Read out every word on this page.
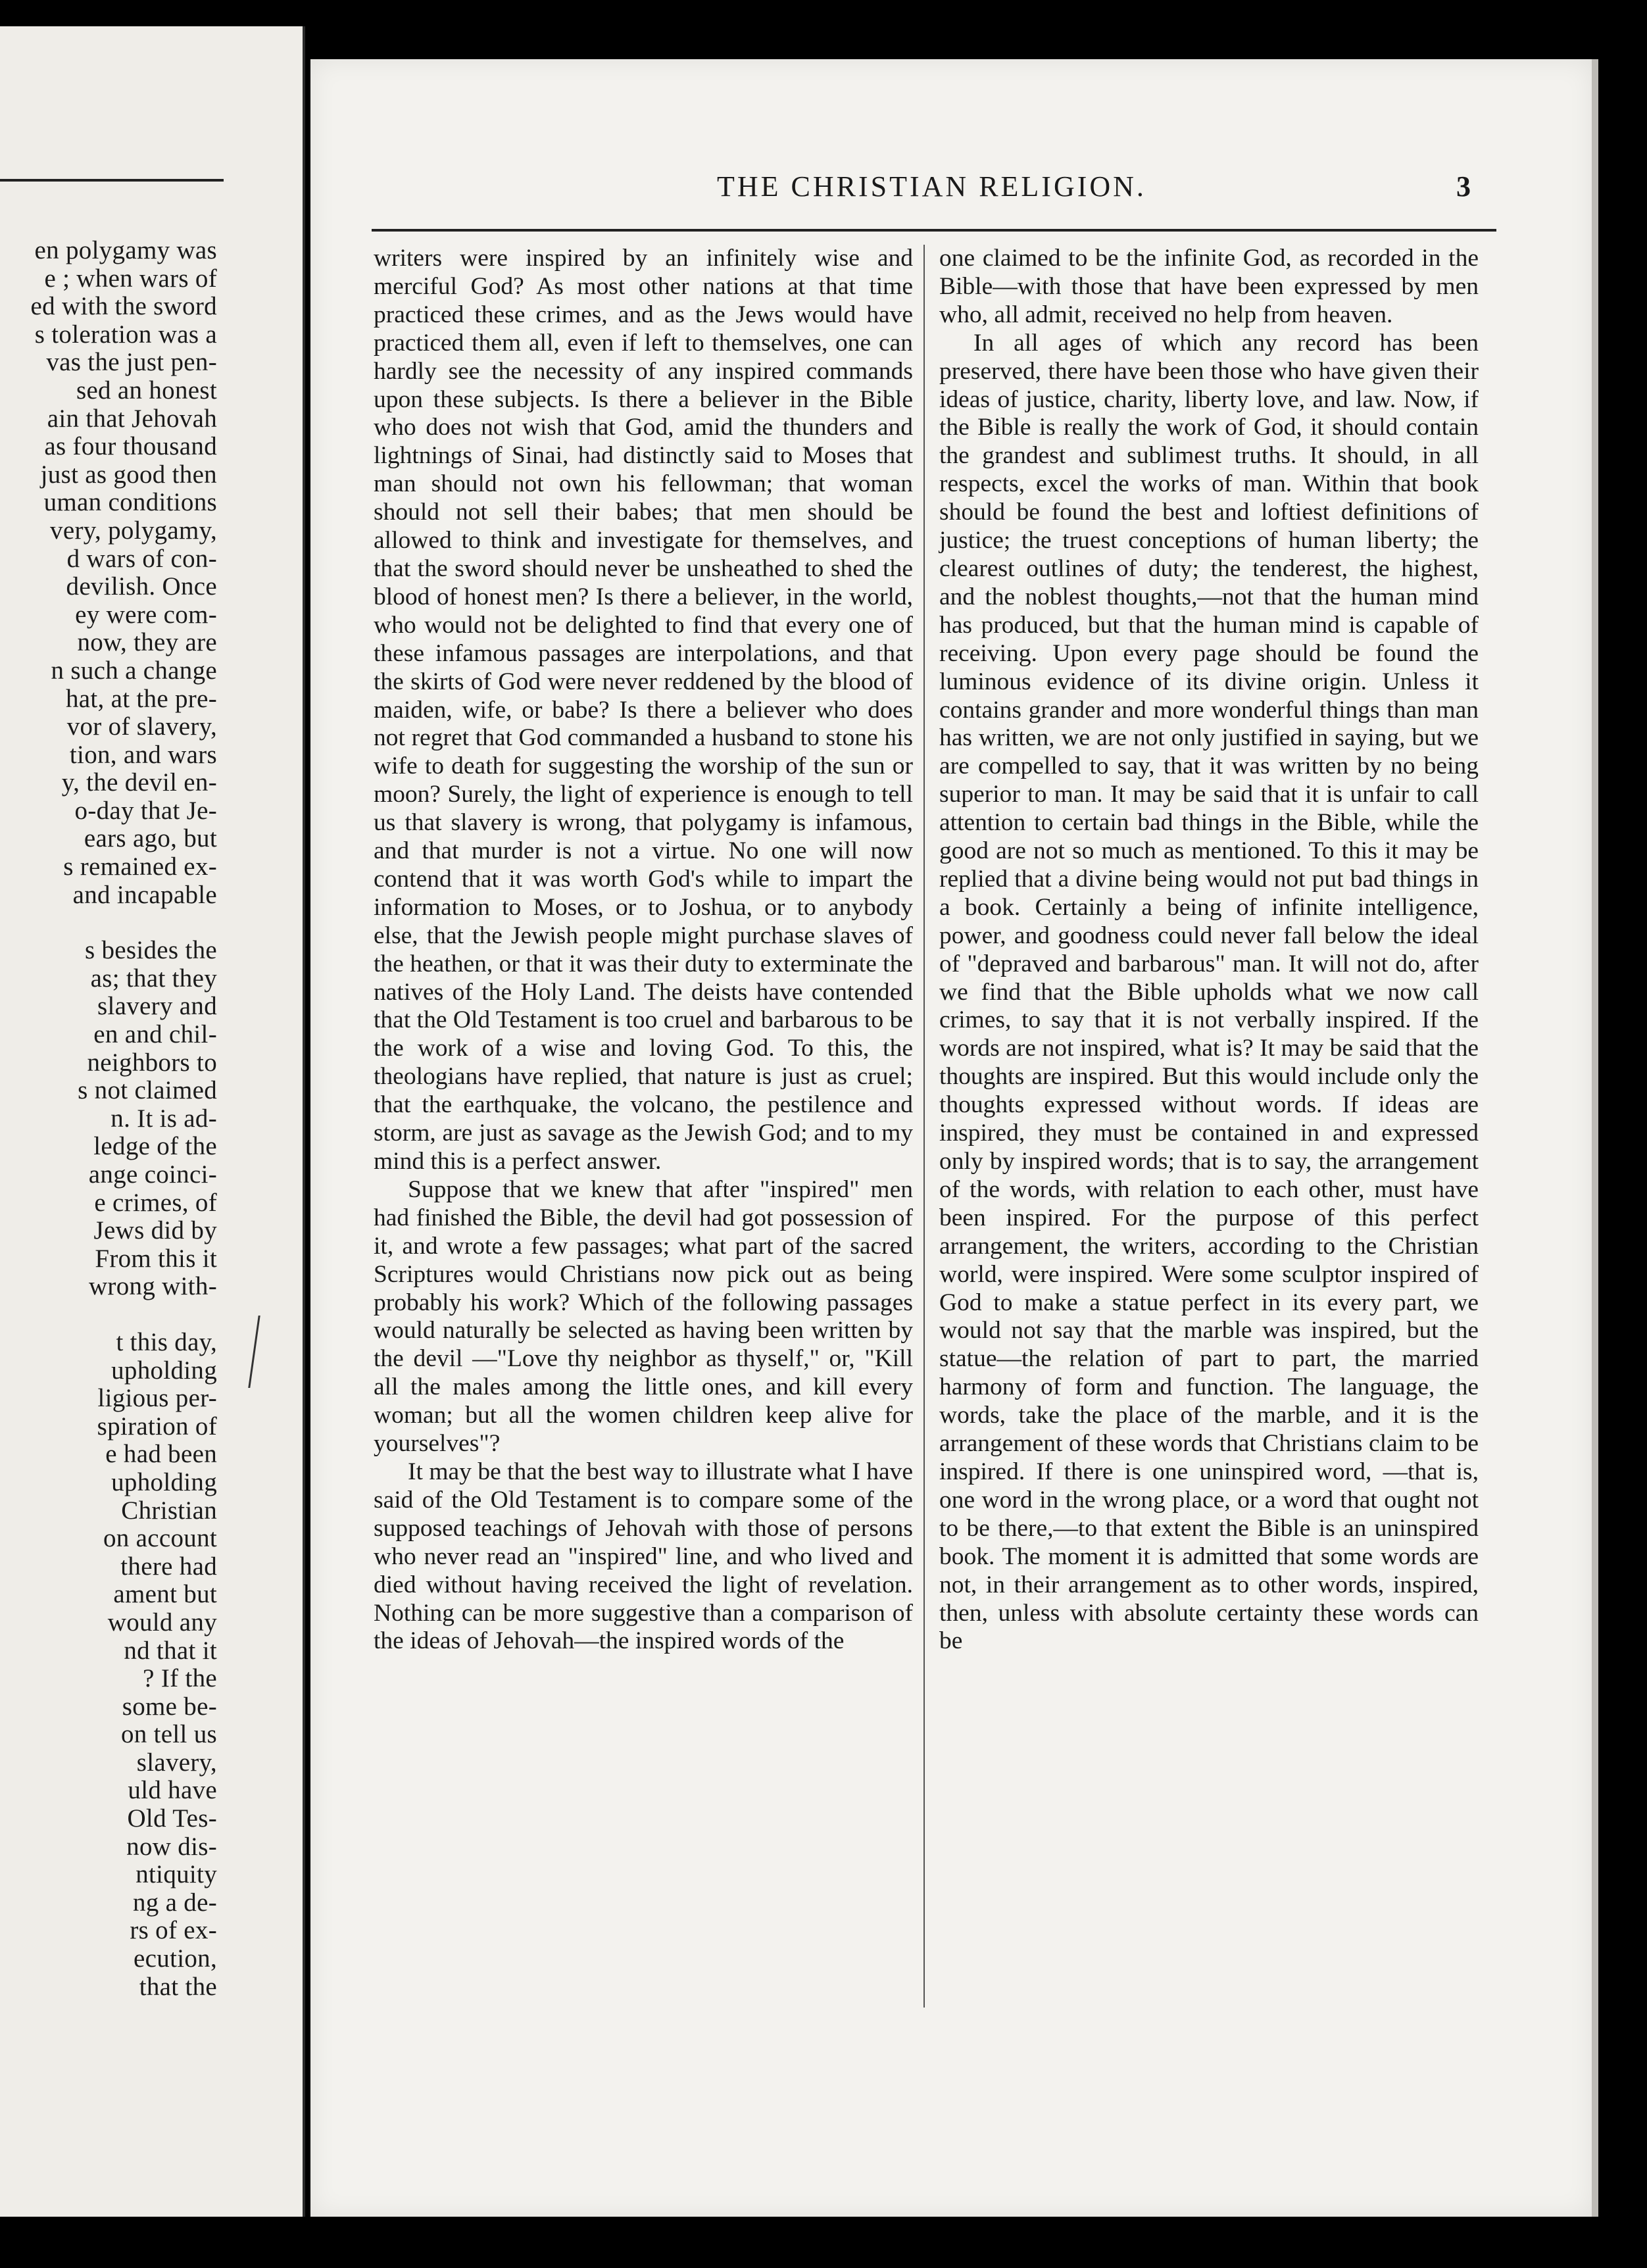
en polygamy was
e ; when wars of
ed with the sword
s toleration was a
vas the just pen-
sed an honest
ain that Jehovah
as four thousand
just as good then
uman conditions
very, polygamy,
d wars of con-
devilish. Once
ey were com-
now, they are
n such a change
hat, at the pre-
vor of slavery,
tion, and wars
y, the devil en-
o-day that Je-
ears ago, but
s remained ex-
and incapable
s besides the
as; that they
slavery and
en and chil-
neighbors to
s not claimed
n. It is ad-
ledge of the
ange coinci-
e crimes, of
Jews did by
From this it
wrong with-
t this day,
upholding
ligious per-
spiration of
e had been
upholding
Christian
on account
there had
ament but
would any
nd that it
? If the
some be-
on tell us
slavery,
uld have
Old Tes-
now dis-
ntiquity
ng a de-
rs of ex-
ecution,
that the
THE CHRISTIAN RELIGION.	3

writers were inspired by an infinitely wise and merciful God? As most other nations at that time practiced these crimes, and as the Jews would have practiced them all, even if left to themselves, one can hardly see the necessity of any inspired commands upon these subjects. Is there a believer in the Bible who does not wish that God, amid the thunders and lightnings of Sinai, had distinctly said to Moses that man should not own his fellowman; that woman should not sell their babes; that men should be allowed to think and investigate for themselves, and that the sword should never be unsheathed to shed the blood of honest men? Is there a believer, in the world, who would not be delighted to find that every one of these infamous passages are interpolations, and that the skirts of God were never reddened by the blood of maiden, wife, or babe? Is there a believer who does not regret that God commanded a husband to stone his wife to death for suggesting the worship of the sun or moon? Surely, the light of experience is enough to tell us that slavery is wrong, that polygamy is infamous, and that murder is not a virtue. No one will now contend that it was worth God's while to impart the information to Moses, or to Joshua, or to anybody else, that the Jewish people might purchase slaves of the heathen, or that it was their duty to exterminate the natives of the Holy Land. The deists have contended that the Old Testament is too cruel and barbarous to be the work of a wise and loving God. To this, the theologians have replied, that nature is just as cruel; that the earthquake, the volcano, the pestilence and storm, are just as savage as the Jewish God; and to my mind this is a perfect answer.

Suppose that we knew that after "inspired" men had finished the Bible, the devil had got possession of it, and wrote a few passages; what part of the sacred Scriptures would Christians now pick out as being probably his work? Which of the following passages would naturally be selected as having been written by the devil —"Love thy neighbor as thyself," or, "Kill all the males among the little ones, and kill every woman; but all the women children keep alive for yourselves"?

It may be that the best way to illustrate what I have said of the Old Testament is to compare some of the supposed teachings of Jehovah with those of persons who never read an "inspired" line, and who lived and died without having received the light of revelation. Nothing can be more suggestive than a comparison of the ideas of Jehovah—the inspired words of the

one claimed to be the infinite God, as recorded in the Bible—with those that have been expressed by men who, all admit, received no help from heaven.

In all ages of which any record has been preserved, there have been those who have given their ideas of justice, charity, liberty love, and law. Now, if the Bible is really the work of God, it should contain the grandest and sublimest truths. It should, in all respects, excel the works of man. Within that book should be found the best and loftiest definitions of justice; the truest conceptions of human liberty; the clearest outlines of duty; the tenderest, the highest, and the noblest thoughts,—not that the human mind has produced, but that the human mind is capable of receiving. Upon every page should be found the luminous evidence of its divine origin. Unless it contains grander and more wonderful things than man has written, we are not only justified in saying, but we are compelled to say, that it was written by no being superior to man. It may be said that it is unfair to call attention to certain bad things in the Bible, while the good are not so much as mentioned. To this it may be replied that a divine being would not put bad things in a book. Certainly a being of infinite intelligence, power, and goodness could never fall below the ideal of "depraved and barbarous" man. It will not do, after we find that the Bible upholds what we now call crimes, to say that it is not verbally inspired. If the words are not inspired, what is? It may be said that the thoughts are inspired. But this would include only the thoughts expressed without words. If ideas are inspired, they must be contained in and expressed only by inspired words; that is to say, the arrangement of the words, with relation to each other, must have been inspired. For the purpose of this perfect arrangement, the writers, according to the Christian world, were inspired. Were some sculptor inspired of God to make a statue perfect in its every part, we would not say that the marble was inspired, but the statue—the relation of part to part, the married harmony of form and function. The language, the words, take the place of the marble, and it is the arrangement of these words that Christians claim to be inspired. If there is one uninspired word, —that is, one word in the wrong place, or a word that ought not to be there,—to that extent the Bible is an uninspired book. The moment it is admitted that some words are not, in their arrangement as to other words, inspired, then, unless with absolute certainty these words can be
